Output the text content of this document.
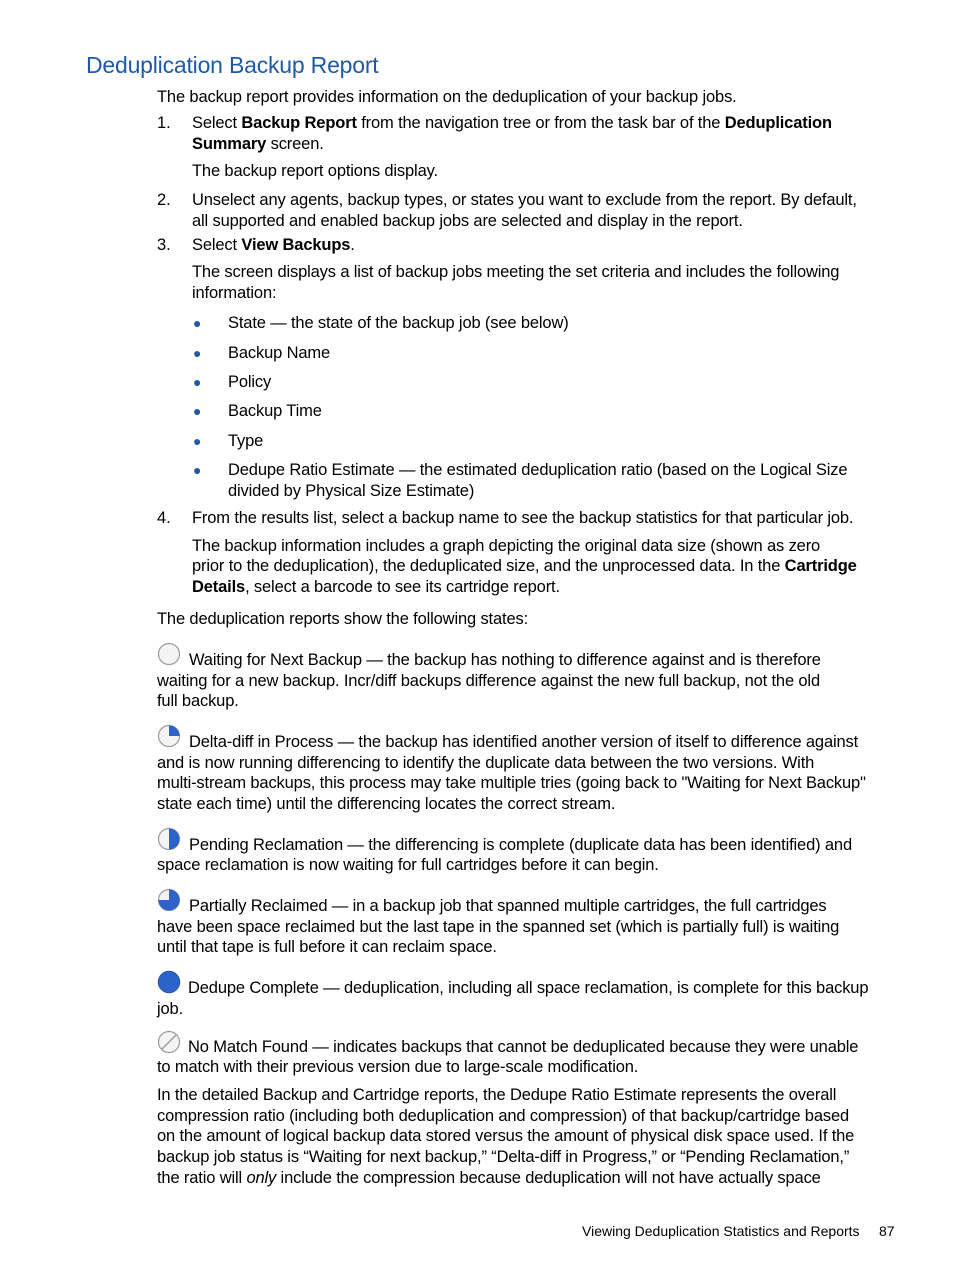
Deduplication Backup Report
The backup report provides information on the deduplication of your backup jobs.
1. Select Backup Report from the navigation tree or from the task bar of the Deduplication
Summary screen.
The backup report options display.
2. Unselect any agents, backup types, or states you want to exclude from the report. By default,
all supported and enabled backup jobs are selected and display in the report.
3. Select View Backups.
The screen displays a list of backup jobs meeting the set criteria and includes the following
information:
● State — the state of the backup job (see below)
● Backup Name
● Policy
● Backup Time
● Type
● Dedupe Ratio Estimate — the estimated deduplication ratio (based on the Logical Size
divided by Physical Size Estimate)
4. From the results list, select a backup name to see the backup statistics for that particular job.
The backup information includes a graph depicting the original data size (shown as zero
prior to the deduplication), the deduplicated size, and the unprocessed data. In the Cartridge
Details, select a barcode to see its cartridge report.
The deduplication reports show the following states:
Waiting for Next Backup — the backup has nothing to difference against and is therefore
waiting for a new backup. Incr/diff backups difference against the new full backup, not the old
full backup.
Delta-diff in Process — the backup has identified another version of itself to difference against
and is now running differencing to identify the duplicate data between the two versions. With
multi-stream backups, this process may take multiple tries (going back to "Waiting for Next Backup"
state each time) until the differencing locates the correct stream.
Pending Reclamation — the differencing is complete (duplicate data has been identified) and
space reclamation is now waiting for full cartridges before it can begin.
Partially Reclaimed — in a backup job that spanned multiple cartridges, the full cartridges
have been space reclaimed but the last tape in the spanned set (which is partially full) is waiting
until that tape is full before it can reclaim space.
Dedupe Complete — deduplication, including all space reclamation, is complete for this backup
job.
No Match Found — indicates backups that cannot be deduplicated because they were unable
to match with their previous version due to large-scale modification.
In the detailed Backup and Cartridge reports, the Dedupe Ratio Estimate represents the overall
compression ratio (including both deduplication and compression) of that backup/cartridge based
on the amount of logical backup data stored versus the amount of physical disk space used. If the
backup job status is “Waiting for next backup,” “Delta-diff in Progress,” or “Pending Reclamation,”
the ratio will only include the compression because deduplication will not have actually space
Viewing Deduplication Statistics and Reports 87
